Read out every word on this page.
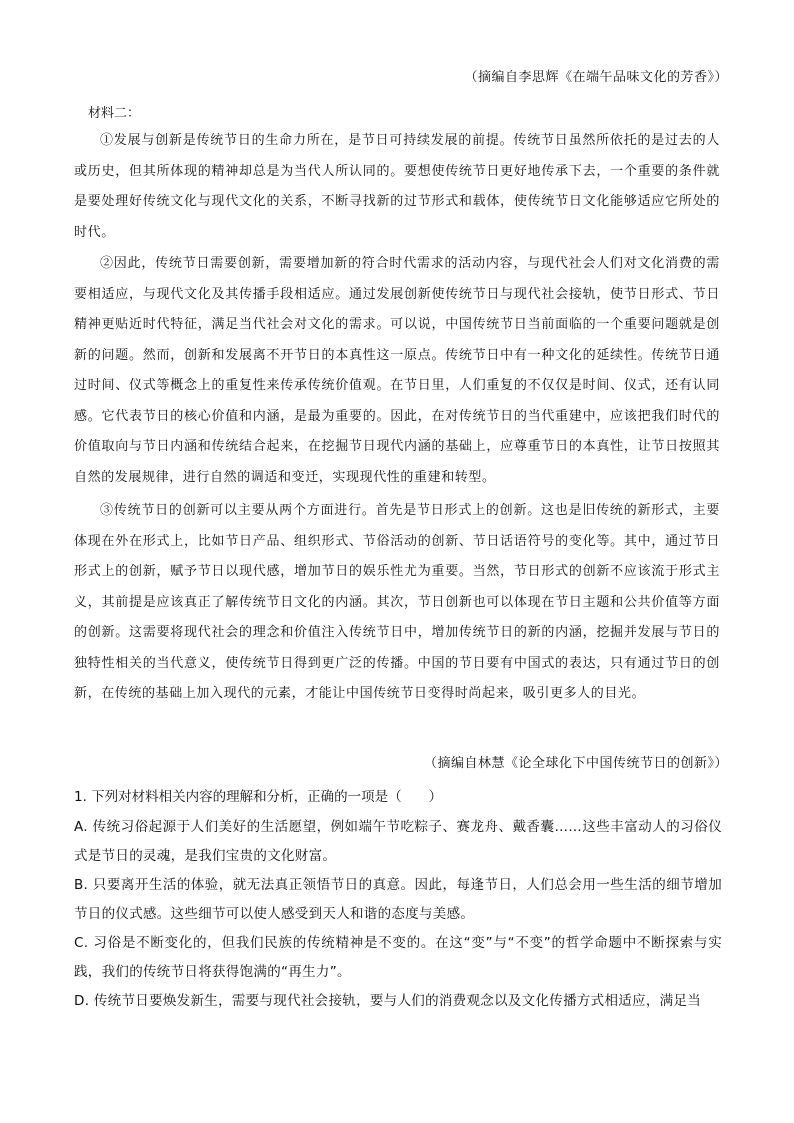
（摘编自李思辉《在端午品味文化的芳香》）
材料二：

①发展与创新是传统节日的生命力所在，是节日可持续发展的前提。传统节日虽然所依托的是过去的人或历史，但其所体现的精神却总是为当代人所认同的。要想使传统节日更好地传承下去，一个重要的条件就是要处理好传统文化与现代文化的关系，不断寻找新的过节形式和载体，使传统节日文化能够适应它所处的时代。

②因此，传统节日需要创新，需要增加新的符合时代需求的活动内容，与现代社会人们对文化消费的需要相适应，与现代文化及其传播手段相适应。通过发展创新使传统节日与现代社会接轨，使节日形式、节日精神更贴近时代特征，满足当代社会对文化的需求。可以说，中国传统节日当前面临的一个重要问题就是创新的问题。然而，创新和发展离不开节日的本真性这一原点。传统节日中有一种文化的延续性。传统节日通过时间、仪式等概念上的重复性来传承传统价值观。在节日里，人们重复的不仅仅是时间、仪式，还有认同感。它代表节日的核心价值和内涵，是最为重要的。因此，在对传统节日的当代重建中，应该把我们时代的价值取向与节日内涵和传统结合起来，在挖掘节日现代内涵的基础上，应尊重节日的本真性，让节日按照其自然的发展规律，进行自然的调适和变迁，实现现代性的重建和转型。

③传统节日的创新可以主要从两个方面进行。首先是节日形式上的创新。这也是旧传统的新形式，主要体现在外在形式上，比如节日产品、组织形式、节俗活动的创新、节日话语符号的变化等。其中，通过节日形式上的创新，赋予节日以现代感，增加节日的娱乐性尤为重要。当然，节日形式的创新不应该流于形式主义，其前提是应该真正了解传统节日文化的内涵。其次，节日创新也可以体现在节日主题和公共价值等方面的创新。这需要将现代社会的理念和价值注入传统节日中，增加传统节日的新的内涵，挖掘并发展与节日的独特性相关的当代意义，使传统节日得到更广泛的传播。中国的节日要有中国式的表达，只有通过节日的创新，在传统的基础上加入现代的元素，才能让中国传统节日变得时尚起来，吸引更多人的目光。

（摘编自林慧《论全球化下中国传统节日的创新》）

1. 下列对材料相关内容的理解和分析，正确的一项是（　　）

A. 传统习俗起源于人们美好的生活愿望，例如端午节吃粽子、赛龙舟、戴香囊……这些丰富动人的习俗仪式是节日的灵魂，是我们宝贵的文化财富。

B. 只要离开生活的体验，就无法真正领悟节日的真意。因此，每逢节日，人们总会用一些生活的细节增加节日的仪式感。这些细节可以使人感受到天人和谐的态度与美感。

C. 习俗是不断变化的，但我们民族的传统精神是不变的。在这“变”与“不变”的哲学命题中不断探索与实践，我们的传统节日将获得饱满的“再生力”。

D. 传统节日要焕发新生，需要与现代社会接轨，要与人们的消费观念以及文化传播方式相适应，满足当
